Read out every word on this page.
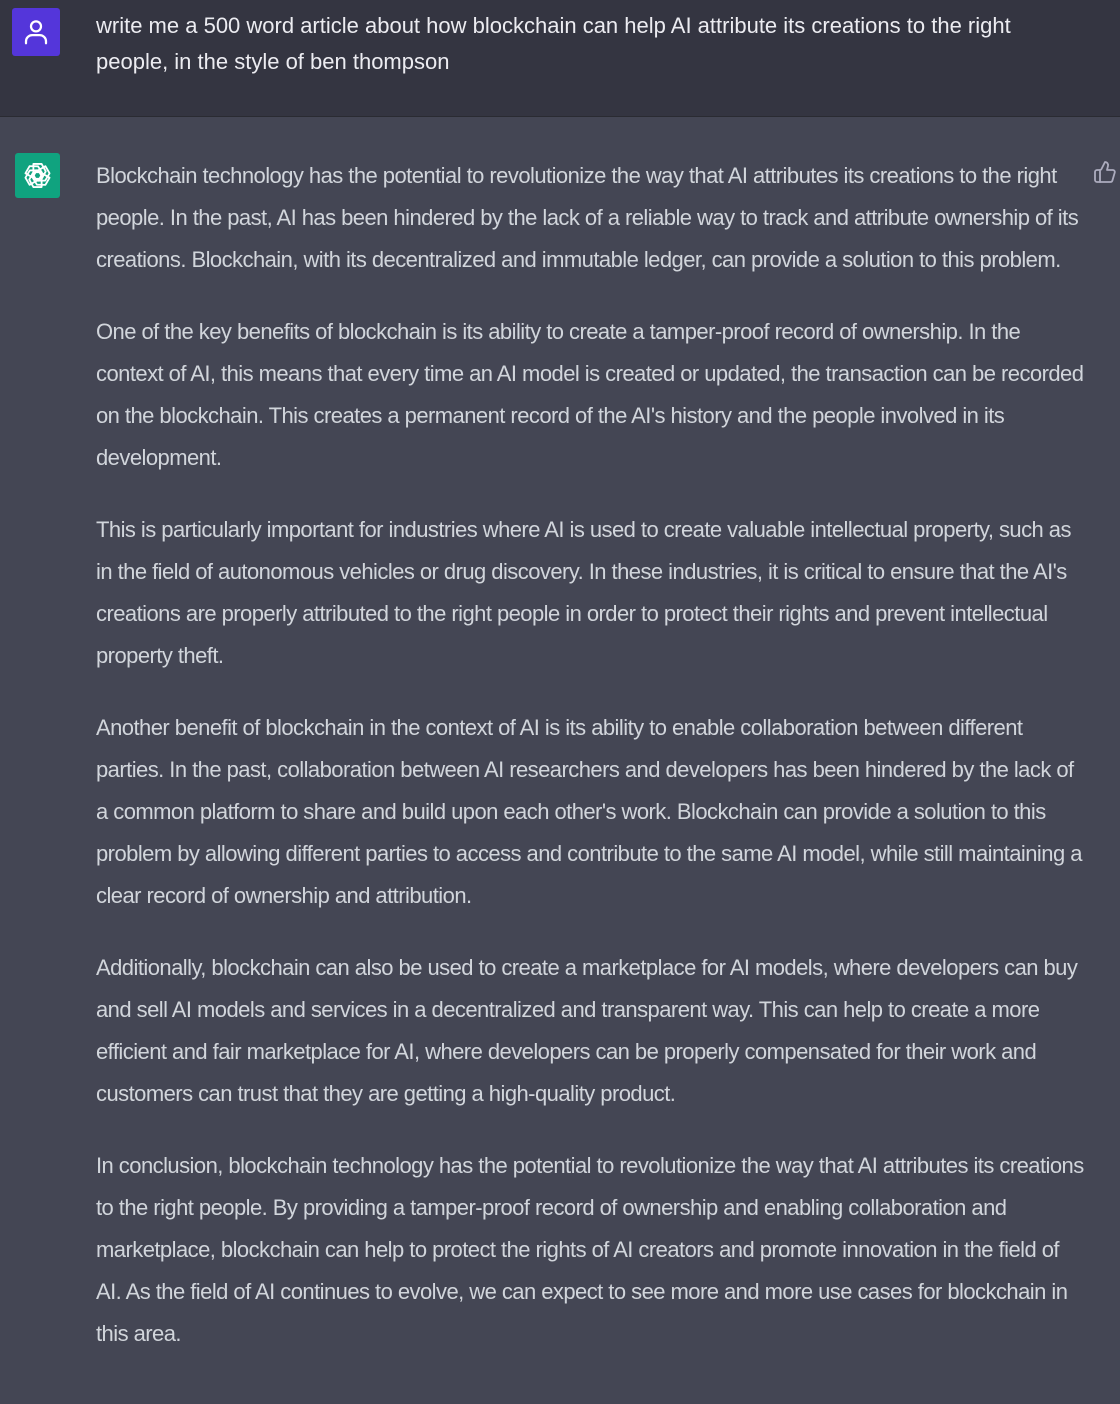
write me a 500 word article about how blockchain can help AI attribute its creations to the right people, in the style of ben thompson

Blockchain technology has the potential to revolutionize the way that AI attributes its creations to the right people. In the past, AI has been hindered by the lack of a reliable way to track and attribute ownership of its creations. Blockchain, with its decentralized and immutable ledger, can provide a solution to this problem.

One of the key benefits of blockchain is its ability to create a tamper-proof record of ownership. In the context of AI, this means that every time an AI model is created or updated, the transaction can be recorded on the blockchain. This creates a permanent record of the AI's history and the people involved in its development.

This is particularly important for industries where AI is used to create valuable intellectual property, such as in the field of autonomous vehicles or drug discovery. In these industries, it is critical to ensure that the AI's creations are properly attributed to the right people in order to protect their rights and prevent intellectual property theft.

Another benefit of blockchain in the context of AI is its ability to enable collaboration between different parties. In the past, collaboration between AI researchers and developers has been hindered by the lack of a common platform to share and build upon each other's work. Blockchain can provide a solution to this problem by allowing different parties to access and contribute to the same AI model, while still maintaining a clear record of ownership and attribution.

Additionally, blockchain can also be used to create a marketplace for AI models, where developers can buy and sell AI models and services in a decentralized and transparent way. This can help to create a more efficient and fair marketplace for AI, where developers can be properly compensated for their work and customers can trust that they are getting a high-quality product.

In conclusion, blockchain technology has the potential to revolutionize the way that AI attributes its creations to the right people. By providing a tamper-proof record of ownership and enabling collaboration and marketplace, blockchain can help to protect the rights of AI creators and promote innovation in the field of AI. As the field of AI continues to evolve, we can expect to see more and more use cases for blockchain in this area.
